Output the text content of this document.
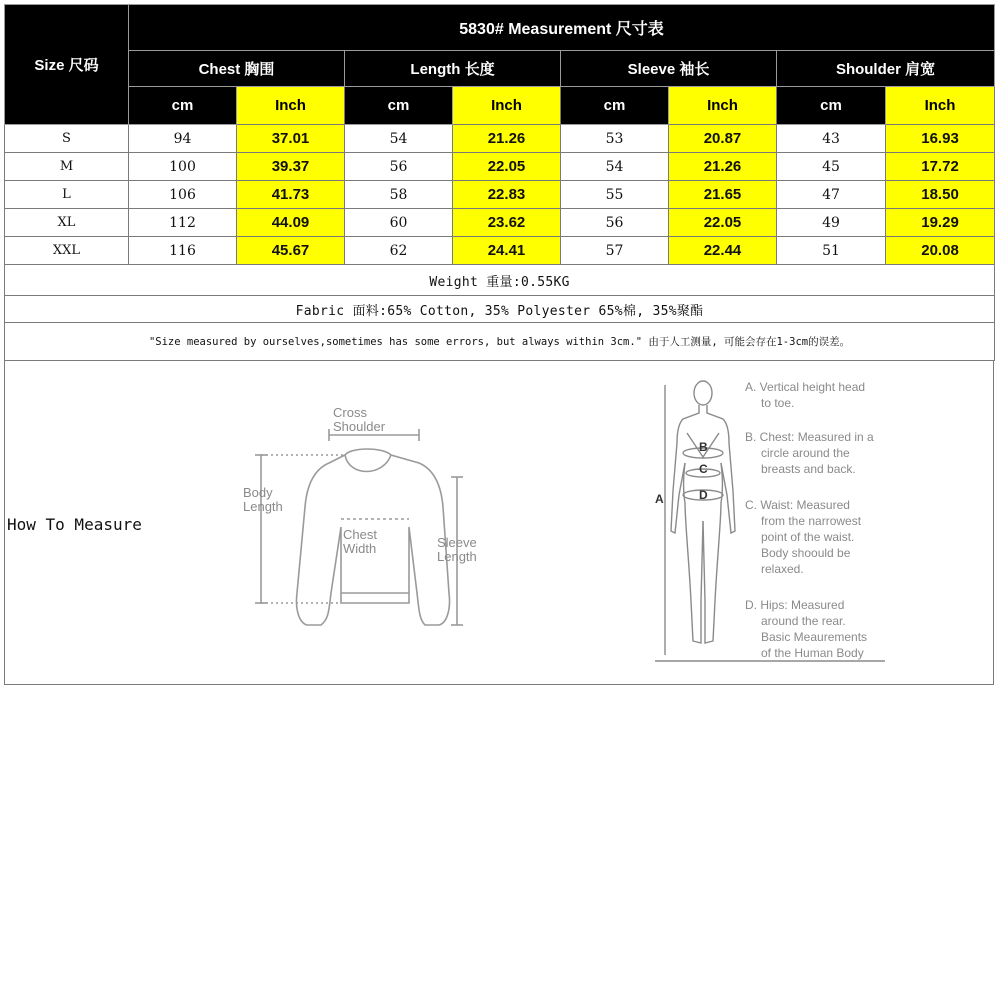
Size 尺码	5830# Measurement 尺寸表							
	Chest 胸围		Length 长度		Sleeve 袖长		Shoulder 肩宽	
	cm	Inch	cm	Inch	cm	Inch	cm	Inch
S	94	37.01	54	21.26	53	20.87	43	16.93
M	100	39.37	56	22.05	54	21.26	45	17.72
L	106	41.73	58	22.83	55	21.65	47	18.50
XL	112	44.09	60	23.62	56	22.05	49	19.29
XXL	116	45.67	62	24.41	57	22.44	51	20.08
Weight 重量:0.55KG								
Fabric 面料:65% Cotton, 35% Polyester 65%棉, 35%聚酯								
"Size measured by ourselves,sometimes has some errors, but always within 3cm." 由于人工测量, 可能会存在1-3cm的误差。								
How To Measure
Cross
Shoulder
Body
Length
Chest
Width	Sleeve
Length
A
B
C
D
A. Vertical height head
to toe.
B. Chest: Measured in a
circle around the
breasts and back.
C. Waist: Measured
from the narrowest
point of the waist.
Body shoould be
relaxed.
D. Hips: Measured
around the rear.
Basic Meaurements
of the Human Body
